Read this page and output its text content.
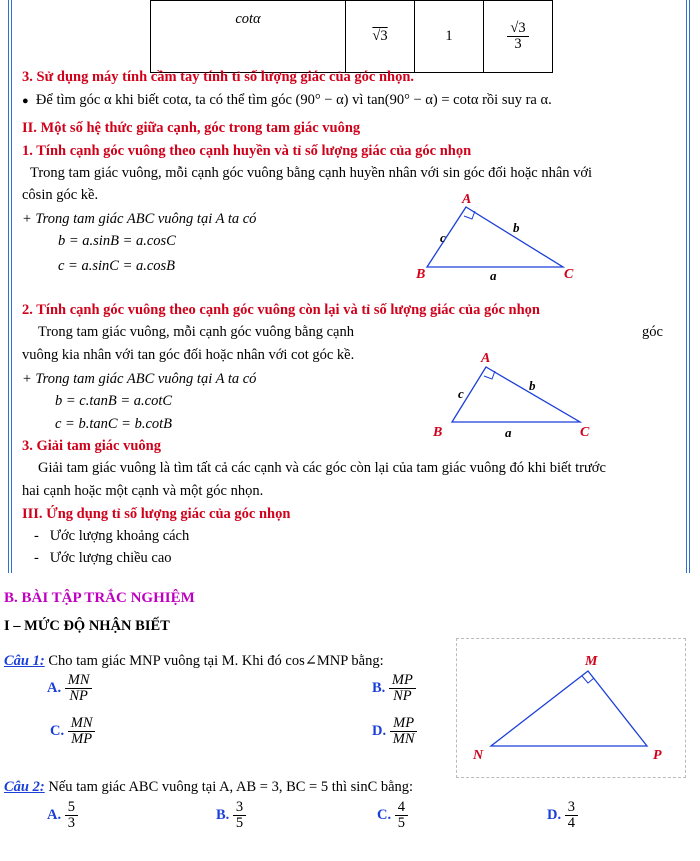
cotα	√3	1	$\frac{√3}{3}$
3. Sử dụng máy tính cầm tay tính tỉ số lượng giác của góc nhọn.
● Để tìm góc α khi biết cotα, ta có thể tìm góc (90° − α) vì tan(90° − α) = cotα rồi suy ra α.
II. Một số hệ thức giữa cạnh, góc trong tam giác vuông
1. Tính cạnh góc vuông theo cạnh huyền và tỉ số lượng giác của góc nhọn
Trong tam giác vuông, mỗi cạnh góc vuông bằng cạnh huyền nhân với sin góc đối hoặc nhân với
côsin góc kề.
+ Trong tam giác ABC vuông tại A ta có
b = a.sinB = a.cosC
c = a.sinC = a.cosB
A
B	C
c
b
a
2. Tính cạnh góc vuông theo cạnh góc vuông còn lại và tỉ số lượng giác của góc nhọn
Trong tam giác vuông, mỗi cạnh góc vuông bằng cạnh	góc
vuông kia nhân với tan góc đối hoặc nhân với cot góc kề.
+ Trong tam giác ABC vuông tại A ta có
b = c.tanB = a.cotC
c = b.tanC = b.cotB
A
B	C
c
b
a
3. Giải tam giác vuông
Giải tam giác vuông là tìm tất cả các cạnh và các góc còn lại của tam giác vuông đó khi biết trước
hai cạnh hoặc một cạnh và một góc nhọn.
III. Ứng dụng tỉ số lượng giác của góc nhọn
-   Ước lượng khoảng cách
-   Ước lượng chiều cao
B. BÀI TẬP TRẮC NGHIỆM
I – MỨC ĐỘ NHẬN BIẾT
Câu 1: Cho tam giác MNP vuông tại M. Khi đó cos∠MNP bằng:
A. $\frac{MN}{NP}$	B. $\frac{MP}{NP}$
C. $\frac{MN}{MP}$	D. $\frac{MP}{MN}$
M
N	P
Câu 2: Nếu tam giác ABC vuông tại A, AB = 3, BC = 5 thì sinC bằng:
A. $\frac{5}{3}$	B. $\frac{3}{5}$	C. $\frac{4}{5}$	D. $\frac{3}{4}$
